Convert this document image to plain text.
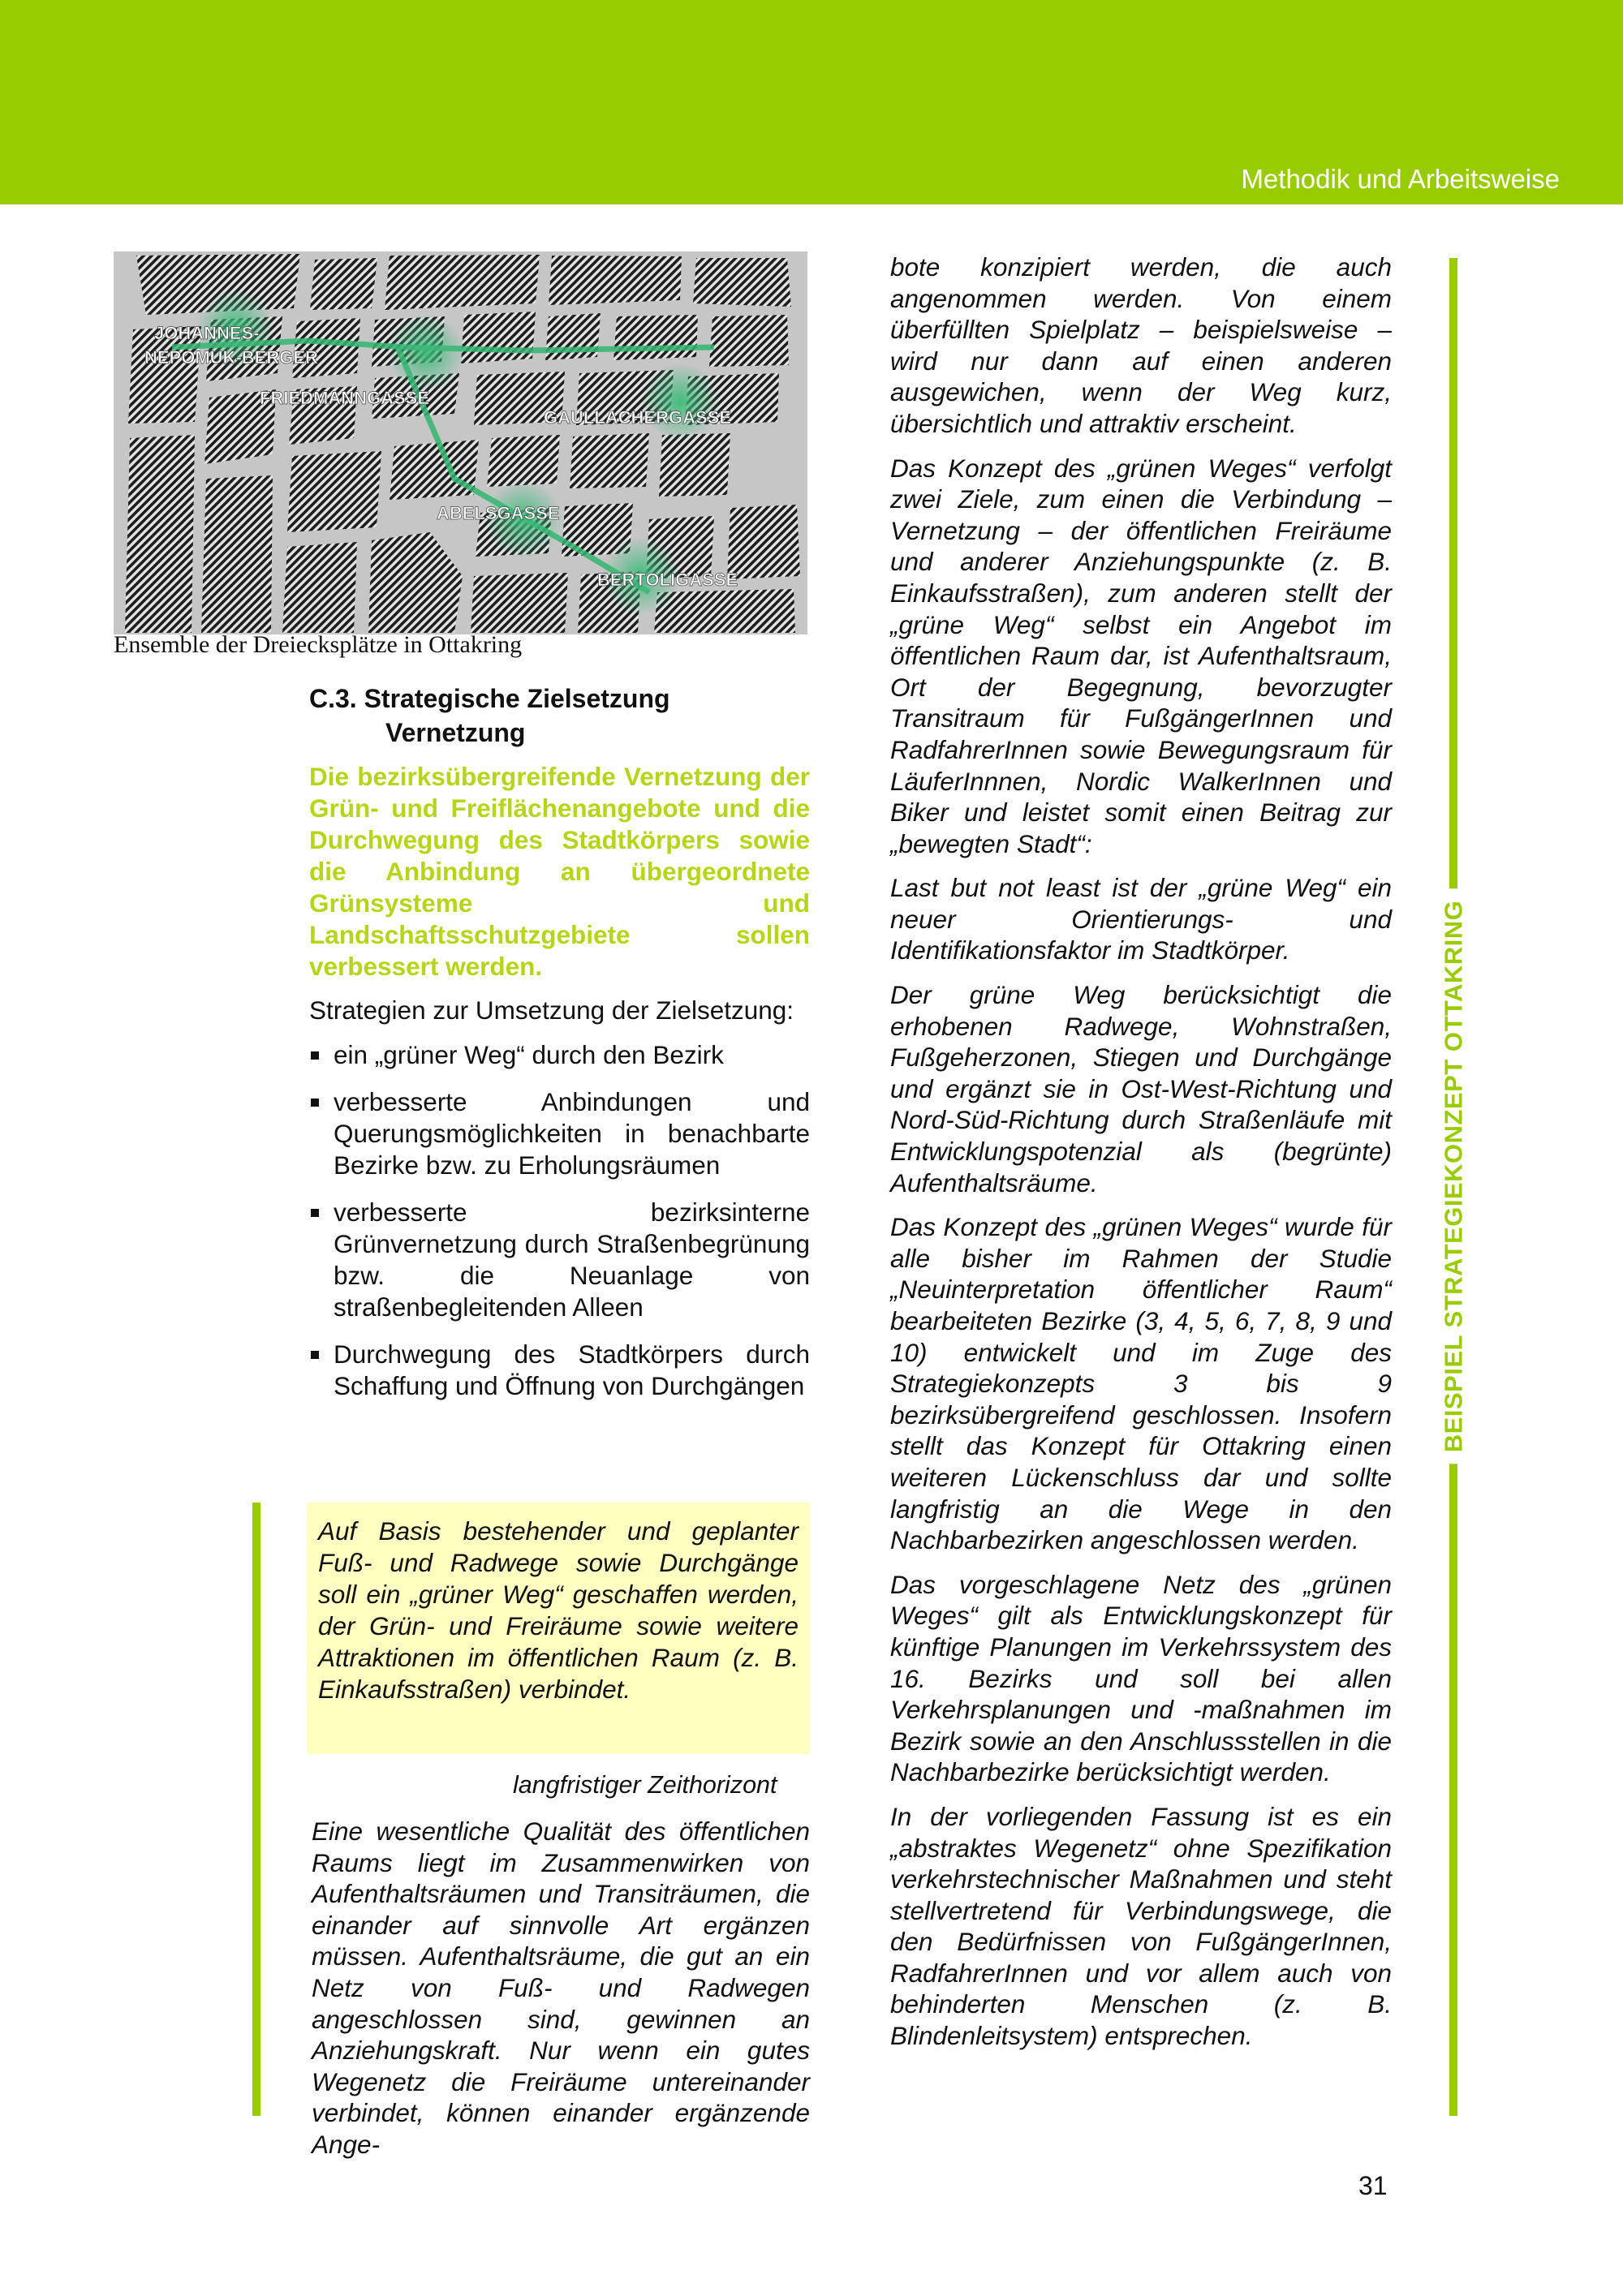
Methodik und Arbeitsweise
BEISPIEL STRATEGIEKONZEPT OTTAKRING
JOHANNES-
NEPOMUK-BERGER
FRIEDMANNGASSE
GAULLACHERGASSE
ABELSGASSE
BERTOLIGASSE
Ensemble der Dreiecksplätze in Ottakring
C.3. Strategische Zielsetzung
Vernetzung
Die bezirksübergreifende Vernetzung der Grün- und Freiflächenangebote und die Durchwegung des Stadtkörpers sowie die Anbindung an übergeordnete Grünsysteme und Landschaftsschutzgebiete sollen verbessert werden.

Strategien zur Umsetzung der Zielsetzung:

ein „grüner Weg“ durch den Bezirk
verbesserte Anbindungen und Querungsmöglichkeiten in benachbarte Bezirke bzw. zu Erholungsräumen
verbesserte bezirksinterne Grünvernetzung durch Straßenbegrünung bzw. die Neuanlage von straßenbegleitenden Alleen
Durchwegung des Stadtkörpers durch Schaffung und Öffnung von Durchgängen

Auf Basis bestehender und geplanter Fuß- und Radwege sowie Durchgänge soll ein „grüner Weg“ geschaffen werden, der Grün- und Freiräume sowie weitere Attraktionen im öffentlichen Raum (z. B. Einkaufsstraßen) verbindet.

langfristiger Zeithorizont

Eine wesentliche Qualität des öffentlichen Raums liegt im Zusammenwirken von Aufenthaltsräumen und Transiträumen, die einander auf sinnvolle Art ergänzen müssen. Aufenthaltsräume, die gut an ein Netz von Fuß- und Radwegen angeschlossen sind, gewinnen an Anziehungskraft. Nur wenn ein gutes Wegenetz die Freiräume untereinander verbindet, können einander ergänzende Ange-

bote konzipiert werden, die auch angenommen werden. Von einem überfüllten Spielplatz – beispielsweise – wird nur dann auf einen anderen ausgewichen, wenn der Weg kurz, übersichtlich und attraktiv erscheint.

Das Konzept des „grünen Weges“ verfolgt zwei Ziele, zum einen die Verbindung – Vernetzung – der öffentlichen Freiräume und anderer Anziehungspunkte (z. B. Einkaufsstraßen), zum anderen stellt der „grüne Weg“ selbst ein Angebot im öffentlichen Raum dar, ist Aufenthaltsraum, Ort der Begegnung, bevorzugter Transitraum für FußgängerInnen und RadfahrerInnen sowie Bewegungsraum für LäuferInnnen, Nordic WalkerInnen und Biker und leistet somit einen Beitrag zur „bewegten Stadt“:

Last but not least ist der „grüne Weg“ ein neuer Orientierungs- und Identifikationsfaktor im Stadtkörper.

Der grüne Weg berücksichtigt die erhobenen Radwege, Wohnstraßen, Fußgeherzonen, Stiegen und Durchgänge und ergänzt sie in Ost-West-Richtung und Nord-Süd-Richtung durch Straßenläufe mit Entwicklungspotenzial als (begrünte) Aufenthaltsräume.

Das Konzept des „grünen Weges“ wurde für alle bisher im Rahmen der Studie „Neuinterpretation öffentlicher Raum“ bearbeiteten Bezirke (3, 4, 5, 6, 7, 8, 9 und 10) entwickelt und im Zuge des Strategiekonzepts 3 bis 9 bezirksübergreifend geschlossen. Insofern stellt das Konzept für Ottakring einen weiteren Lückenschluss dar und sollte langfristig an die Wege in den Nachbarbezirken angeschlossen werden.

Das vorgeschlagene Netz des „grünen Weges“ gilt als Entwicklungskonzept für künftige Planungen im Verkehrssystem des 16. Bezirks und soll bei allen Verkehrsplanungen und -maßnahmen im Bezirk sowie an den Anschlussstellen in die Nachbarbezirke berücksichtigt werden.

In der vorliegenden Fassung ist es ein „abstraktes Wegenetz“ ohne Spezifikation verkehrstechnischer Maßnahmen und steht stellvertretend für Verbindungswege, die den Bedürfnissen von FußgängerInnen, RadfahrerInnen und vor allem auch von behinderten Menschen (z. B. Blindenleitsystem) entsprechen.

31
